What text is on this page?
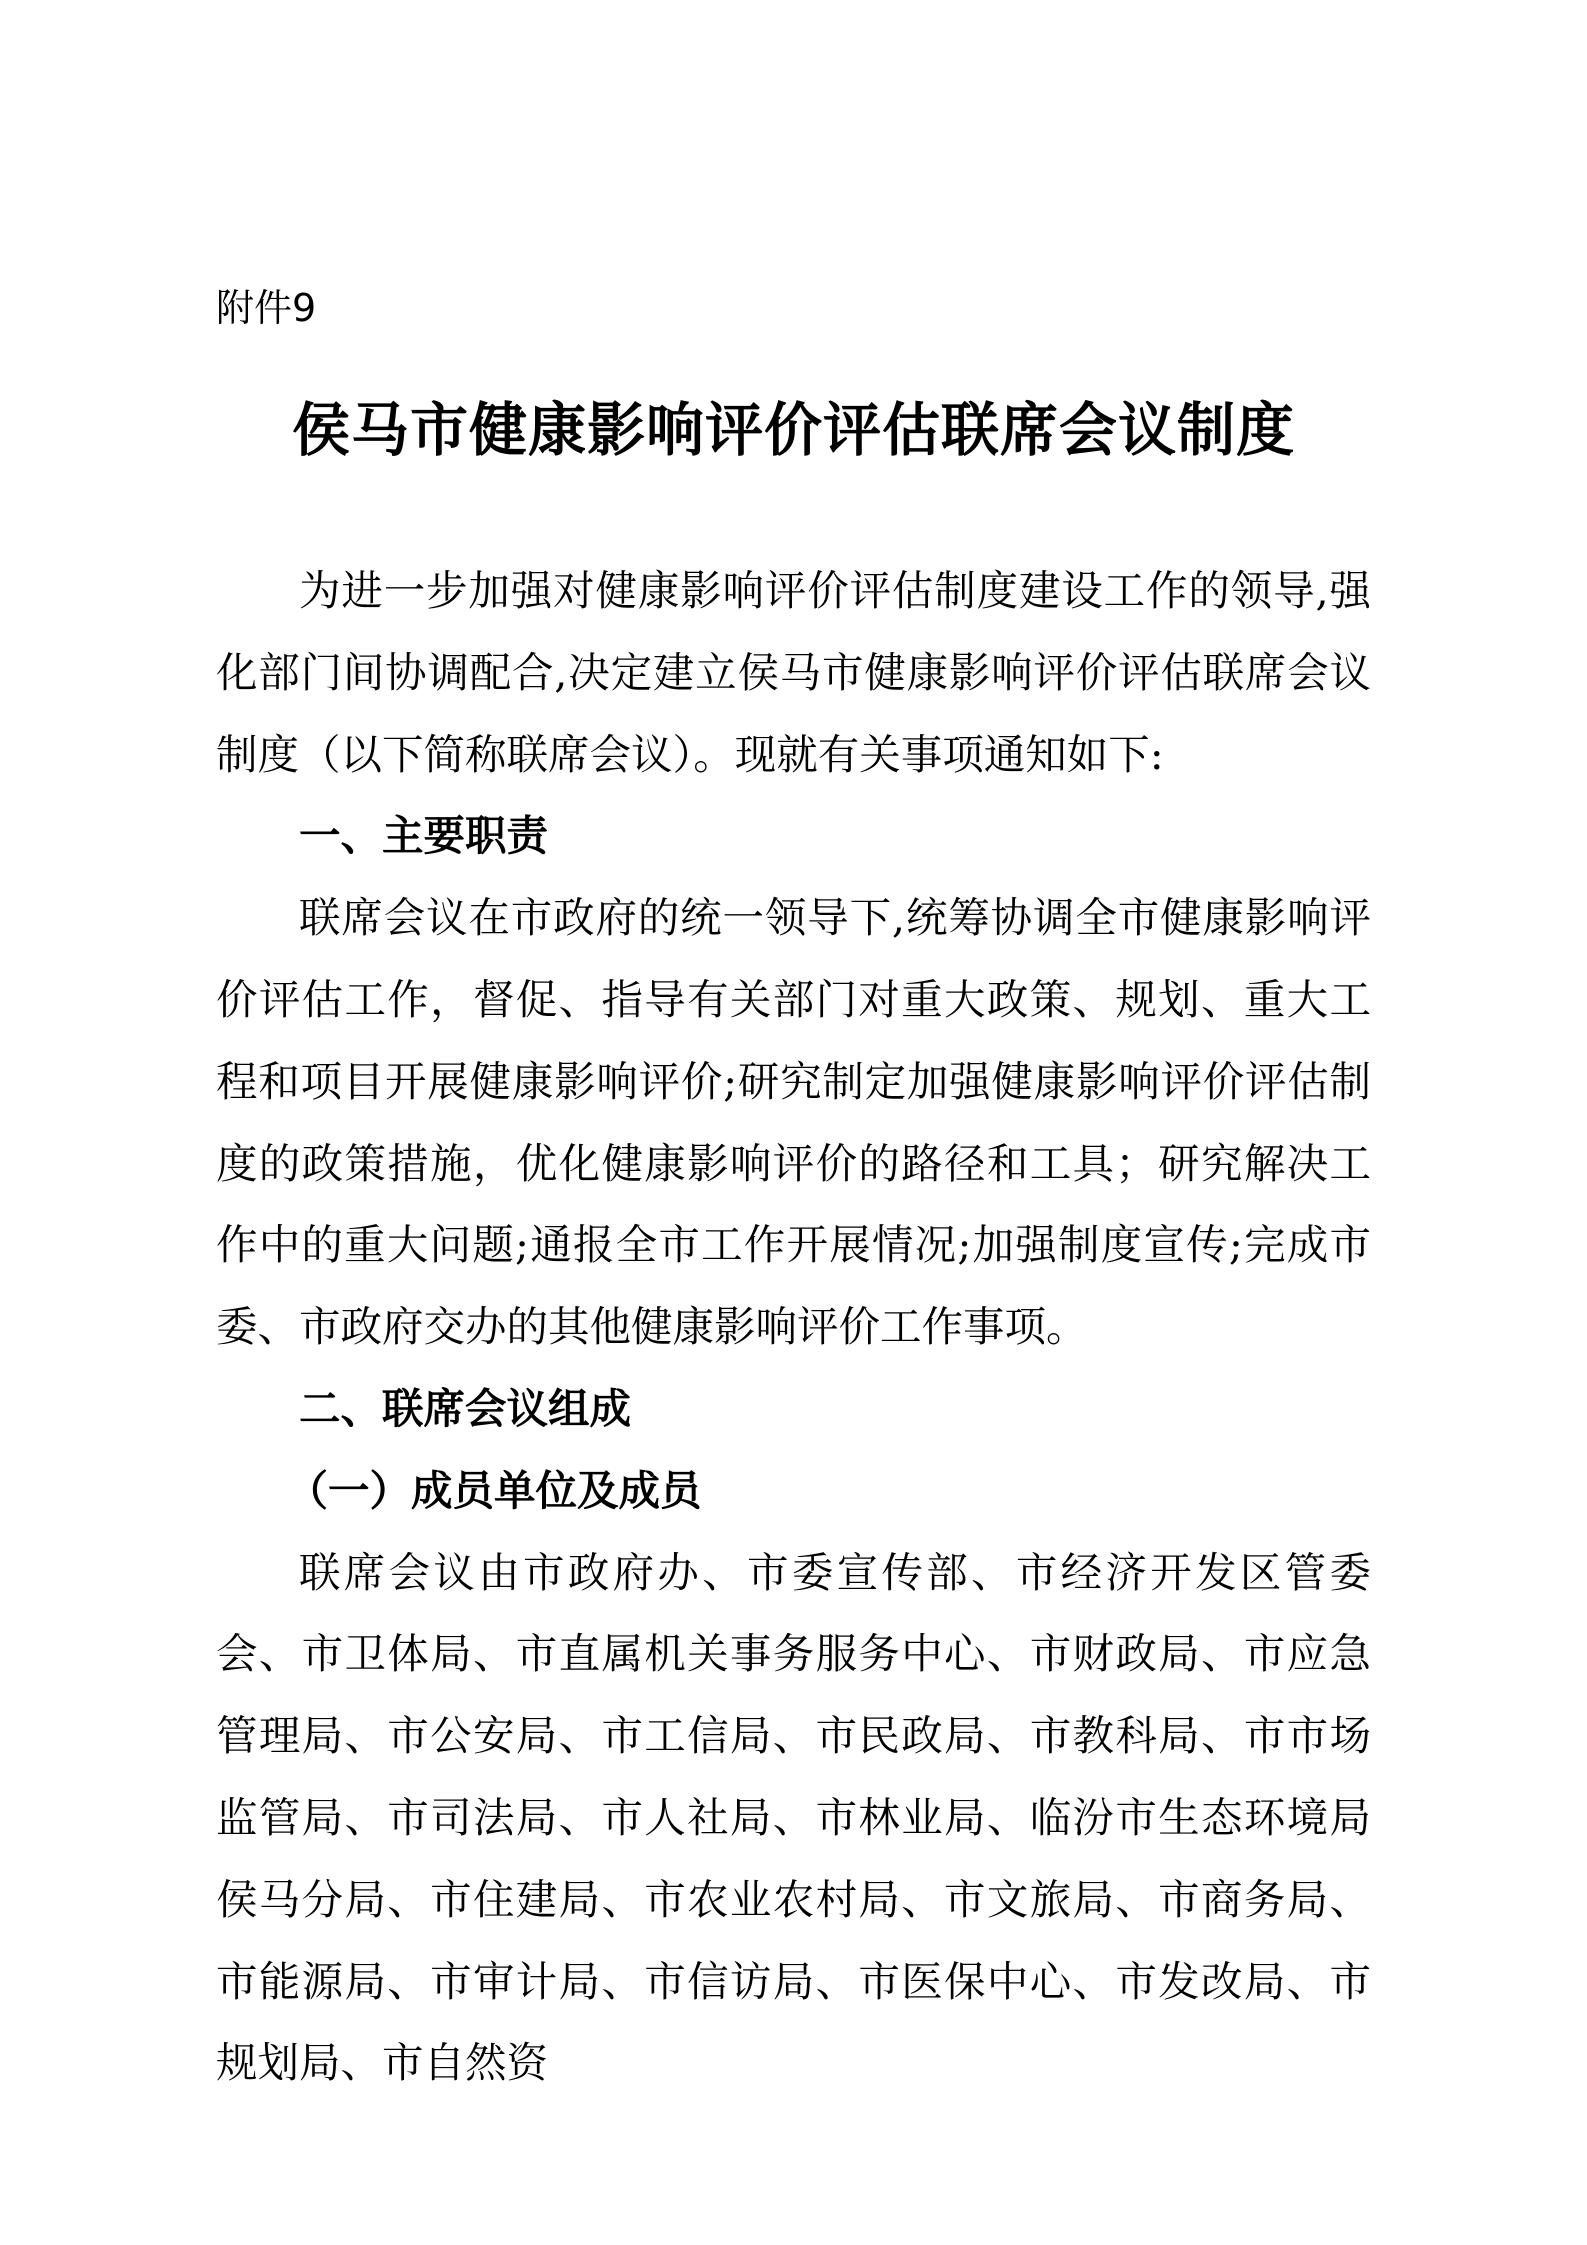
附件9
侯马市健康影响评价评估联席会议制度

为进一步加强对健康影响评价评估制度建设工作的领导,强化部门间协调配合,决定建立侯马市健康影响评价评估联席会议制度（以下简称联席会议）。现就有关事项通知如下:

一、主要职责

联席会议在市政府的统一领导下,统筹协调全市健康影响评价评估工作，督促、指导有关部门对重大政策、规划、重大工程和项目开展健康影响评价;研究制定加强健康影响评价评估制度的政策措施，优化健康影响评价的路径和工具；研究解决工作中的重大问题;通报全市工作开展情况;加强制度宣传;完成市委、市政府交办的其他健康影响评价工作事项。

二、联席会议组成

（一）成员单位及成员

联席会议由市政府办、市委宣传部、市经济开发区管委会、市卫体局、市直属机关事务服务中心、市财政局、市应急管理局、市公安局、市工信局、市民政局、市教科局、市市场监管局、市司法局、市人社局、市林业局、临汾市生态环境局侯马分局、市住建局、市农业农村局、市文旅局、市商务局、市能源局、市审计局、市信访局、市医保中心、市发改局、市规划局、市自然资
